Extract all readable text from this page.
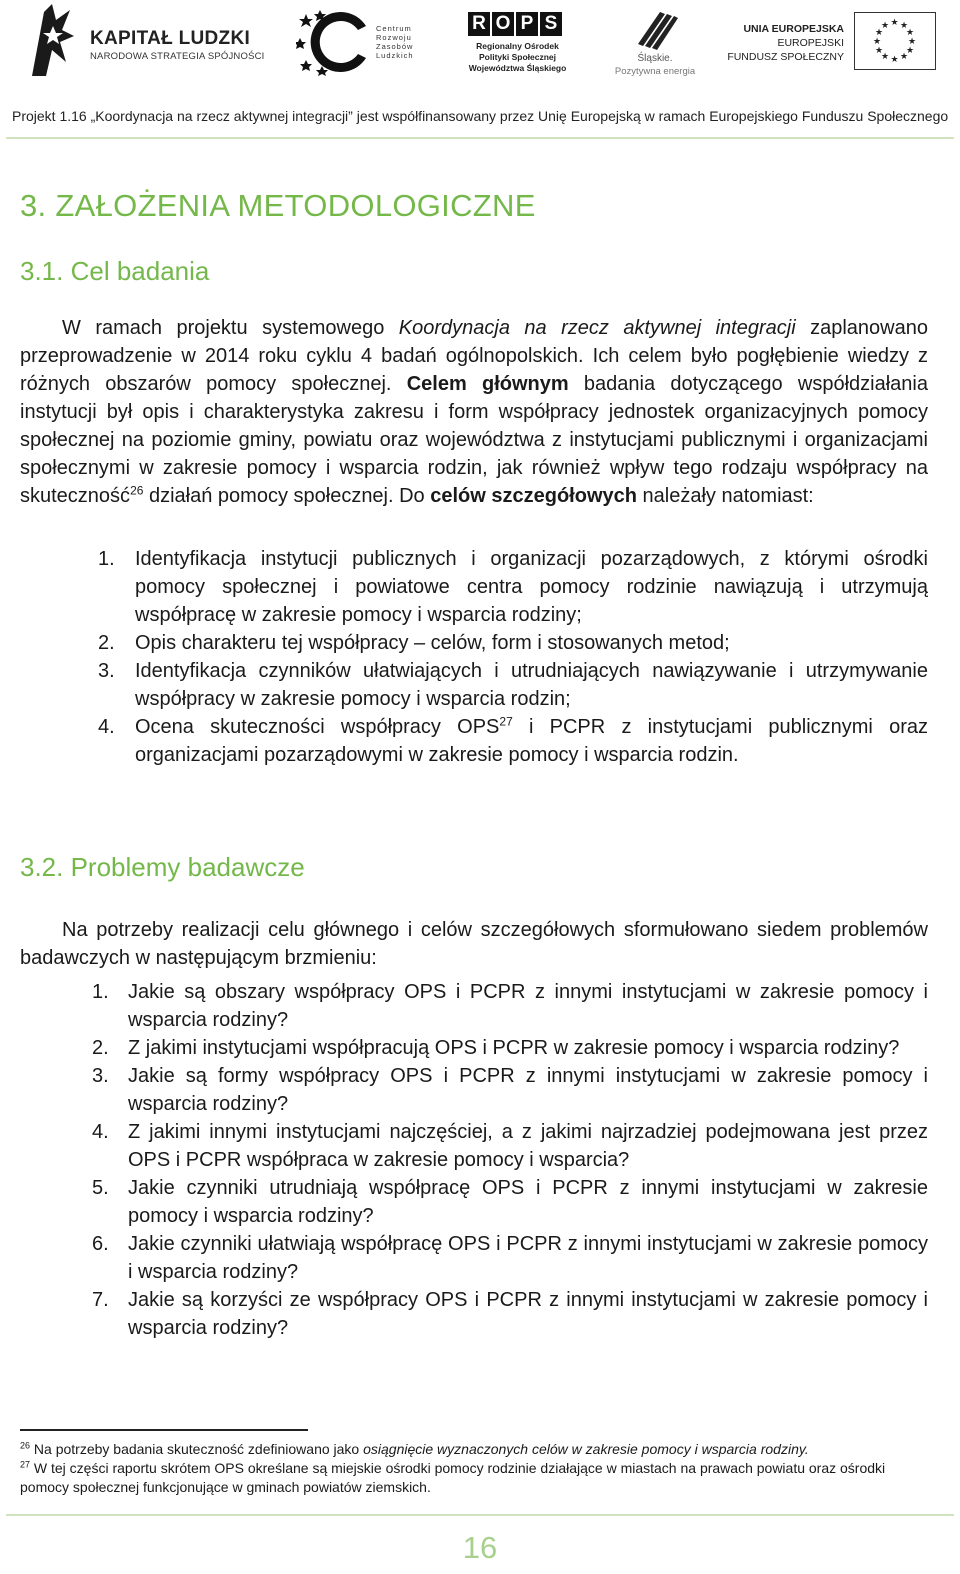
KAPITAŁ LUDZKI
NARODOWA STRATEGIA SPÓJNOŚCI
Centrum
Rozwoju
Zasobów
Ludzkich
R O P S
Regionalny Ośrodek
Polityki Społecznej
Województwa Śląskiego
Śląskie.
Pozytywna energia
UNIA EUROPEJSKA
EUROPEJSKI
FUNDUSZ SPOŁECZNY
★ ★
★
★
★
★
★
★
★
★
★
★
Projekt 1.16 „Koordynacja na rzecz aktywnej integracji” jest współfinansowany przez Unię Europejską w ramach Europejskiego Funduszu Społecznego
3. ZAŁOŻENIA METODOLOGICZNE
3.1. Cel badania

W ramach projektu systemowego Koordynacja na rzecz aktywnej integracji zaplanowano przeprowadzenie w 2014 roku cyklu 4 badań ogólnopolskich. Ich celem było pogłębienie wiedzy z różnych obszarów pomocy społecznej. Celem głównym badania dotyczącego współdziałania instytucji był opis i charakterystyka zakresu i form współpracy jednostek organizacyjnych pomocy społecznej na poziomie gminy, powiatu oraz województwa z instytucjami publicznymi i organizacjami społecznymi w zakresie pomocy i wsparcia rodzin, jak również wpływ tego rodzaju współpracy na skuteczność$^{26}$ działań pomocy społecznej. Do celów szczegółowych należały natomiast:

1. Identyfikacja instytucji publicznych i organizacji pozarządowych, z którymi ośrodki pomocy społecznej i powiatowe centra pomocy rodzinie nawiązują i utrzymują współpracę w zakresie pomocy i wsparcia rodziny;
2. Opis charakteru tej współpracy – celów, form i stosowanych metod;
3. Identyfikacja czynników ułatwiających i utrudniających nawiązywanie i utrzymywanie współpracy w zakresie pomocy i wsparcia rodzin;
4. Ocena skuteczności współpracy OPS$^{27}$ i PCPR z instytucjami publicznymi oraz organizacjami pozarządowymi w zakresie pomocy i wsparcia rodzin.
3.2. Problemy badawcze

Na potrzeby realizacji celu głównego i celów szczegółowych sformułowano siedem problemów badawczych w następującym brzmieniu:

1. Jakie są obszary współpracy OPS i PCPR z innymi instytucjami w zakresie pomocy i wsparcia rodziny?
2. Z jakimi instytucjami współpracują OPS i PCPR w zakresie pomocy i wsparcia rodziny?
3. Jakie są formy współpracy OPS i PCPR z innymi instytucjami w zakresie pomocy i wsparcia rodziny?
4. Z jakimi innymi instytucjami najczęściej, a z jakimi najrzadziej podejmowana jest przez OPS i PCPR współpraca w zakresie pomocy i wsparcia?
5. Jakie czynniki utrudniają współpracę OPS i PCPR z innymi instytucjami w zakresie pomocy i wsparcia rodziny?
6. Jakie czynniki ułatwiają współpracę OPS i PCPR z innymi instytucjami w zakresie pomocy i wsparcia rodziny?
7. Jakie są korzyści ze współpracy OPS i PCPR z innymi instytucjami w zakresie pomocy i wsparcia rodziny?

$^{26}$ Na potrzeby badania skuteczność zdefiniowano jako osiągnięcie wyznaczonych celów w zakresie pomocy i wsparcia rodziny.

$^{27}$ W tej części raportu skrótem OPS określane są miejskie ośrodki pomocy rodzinie działające w miastach na prawach powiatu oraz ośrodki pomocy społecznej funkcjonujące w gminach powiatów ziemskich.

16
